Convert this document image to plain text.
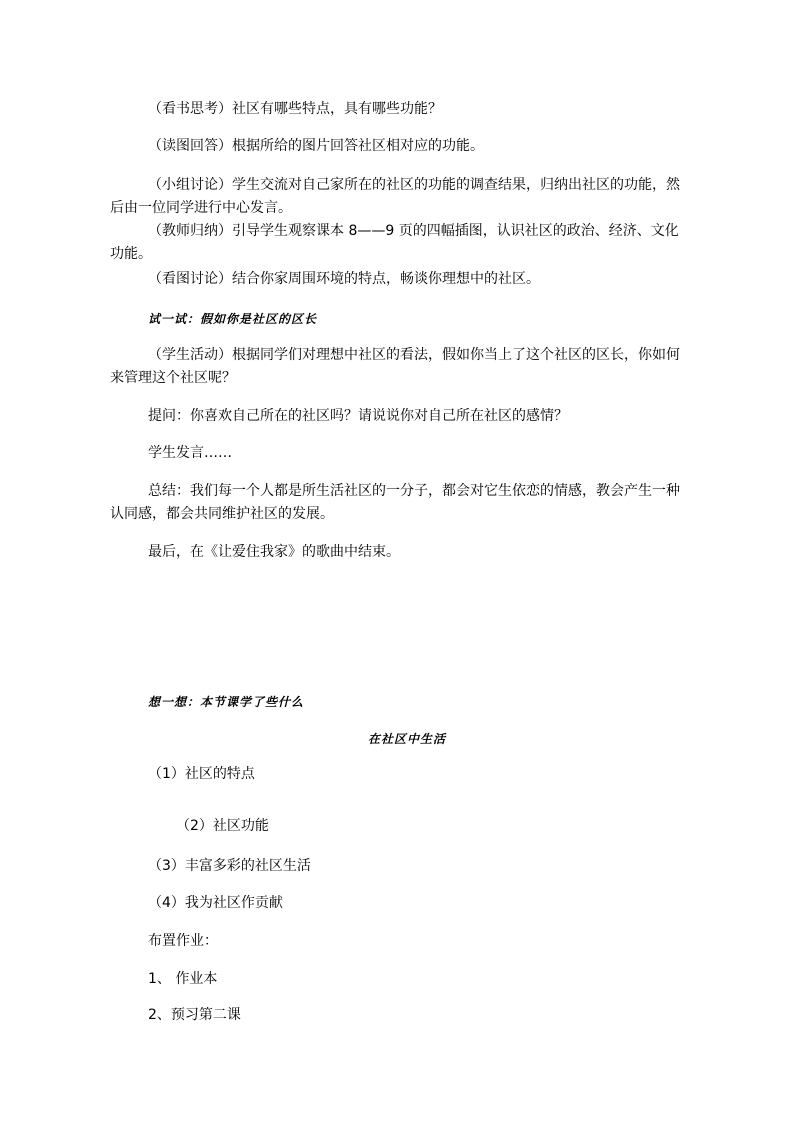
（看书思考）社区有哪些特点，具有哪些功能？
（读图回答）根据所给的图片回答社区相对应的功能。
（小组讨论）学生交流对自己家所在的社区的功能的调查结果，归纳出社区的功能，然
后由一位同学进行中心发言。
（教师归纳）引导学生观察课本 8——9 页的四幅插图，认识社区的政治、经济、文化
功能。
（看图讨论）结合你家周围环境的特点，畅谈你理想中的社区。
试一试：假如你是社区的区长
（学生活动）根据同学们对理想中社区的看法，假如你当上了这个社区的区长，你如何
来管理这个社区呢？
提问：你喜欢自己所在的社区吗？请说说你对自己所在社区的感情？
学生发言……
总结：我们每一个人都是所生活社区的一分子，都会对它生依恋的情感，教会产生一种
认同感，都会共同维护社区的发展。
最后，在《让爱住我家》的歌曲中结束。
想一想：本节课学了些什么
在社区中生活
（1）社区的特点
（2）社区功能
（3）丰富多彩的社区生活
（4）我为社区作贡献
布置作业：
1、 作业本
2、预习第二课
